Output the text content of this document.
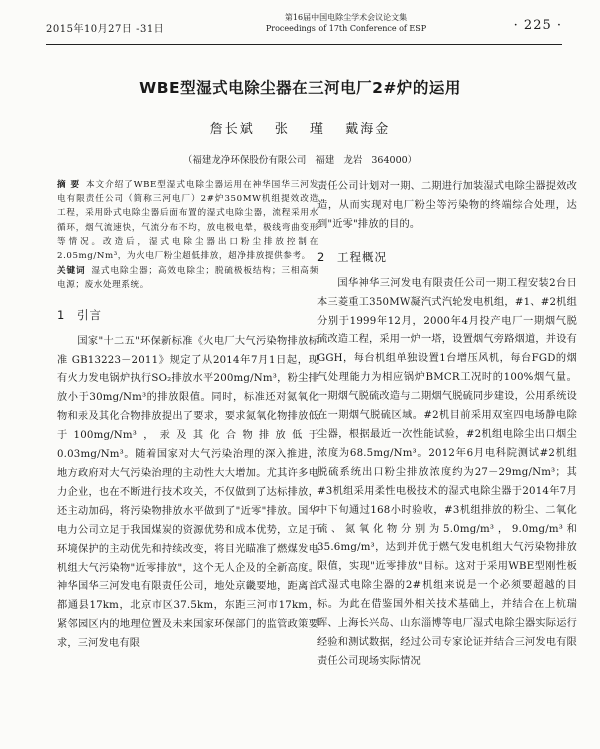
2015年10月27日 -31日
第16届中国电除尘学术会议论文集
Proceedings of 17th Conference of ESP	· 225 ·
WBE型湿式电除尘器在三河电厂2#炉的运用
詹长斌 张 瑾 戴海金
（福建龙净环保股份有限公司 福建 龙岩 364000）
摘 要 本文介绍了WBE型湿式电除尘器运用在神华国华三河发电有限责任公司（简称三河电厂）2#炉350MW机组提效改造工程，采用卧式电除尘器后面布置的湿式电除尘器，流程采用水循环，烟气流速快，气流分布不均，放电极电晕，极线弯曲变形等情况。改造后，湿式电除尘器出口粉尘排放控制在2.05mg/Nm³，为火电厂粉尘超低排放，超净排放提供参考。
关键词 湿式电除尘器；高效电除尘；脱硫极板结构；三相高频电源；废水处理系统。
1 引言

国家"十二五"环保新标准《火电厂大气污染物排放标准 GB13223－2011》规定了从2014年7月1日起，现有火力发电锅炉执行SO₂排放水平200mg/Nm³，粉尘排放小于30mg/Nm³的排放限值。同时，标准还对氮氧化物和汞及其化合物排放提出了要求，要求氮氧化物排放低于100mg/Nm³，汞及其化合物排放低于0.03mg/Nm³。随着国家对大气污染治理的深入推进，地方政府对大气污染治理的主动性大大增加。尤其许多电力企业，也在不断进行技术攻关，不仅做到了达标排放，还主动加码，将污染物排放水平做到了"近零"排放。国华电力公司立足于我国煤炭的资源优势和成本优势，立足于环境保护的主动优先和持续改变，将目光瞄准了燃煤发电机组大气污染物"近零排放"，这个无人企及的全新高度。神华国华三河发电有限责任公司，地处京畿要地，距离首都通县17km，北京市区37.5km，东距三河市17km，紧邻园区内的地理位置及未来国家环保部门的监管政策要求，三河发电有限

责任公司计划对一期、二期进行加装湿式电除尘器提效改造，从而实现对电厂粉尘等污染物的终端综合处理，达到"近零"排放的目的。

2 工程概况

国华神华三河发电有限责任公司一期工程安装2台日本三菱重工350MW凝汽式汽轮发电机组，#1、#2机组分别于1999年12月，2000年4月投产电厂一期烟气脱硫改造工程，采用一炉一塔，设置烟气旁路烟道，并设有GGH，每台机组单独设置1台增压风机，每台FGD的烟气处理能力为相应锅炉BMCR工况时的100%烟气量。一期烟气脱硫改造与二期烟气脱硫同步建设，公用系统设在一期烟气脱硫区域。#2机目前采用双室四电场静电除尘器，根据最近一次性能试验，#2机组电除尘出口烟尘浓度为68.5mg/Nm³。2012年6月电科院测试#2机组脱硫系统出口粉尘排放浓度约为27－29mg/Nm³；其#3机组采用柔性电极技术的湿式电除尘器于2014年7月中下旬通过168小时验收，#3机组排放的粉尘、二氧化硫、氮氧化物分别为5.0mg/m³，9.0mg/m³和35.6mg/m³，达到并优于燃气发电机组大气污染物排放限值，实现"近零排放"目标。这对于采用WBE型刚性板式湿式电除尘器的2#机组来说是一个必须要超越的目标。为此在借鉴国外相关技术基础上，并结合在上杭瑞晖、上海长兴岛、山东淄博等电厂湿式电除尘器实际运行经验和测试数据，经过公司专家论证并结合三河发电有限责任公司现场实际情况
